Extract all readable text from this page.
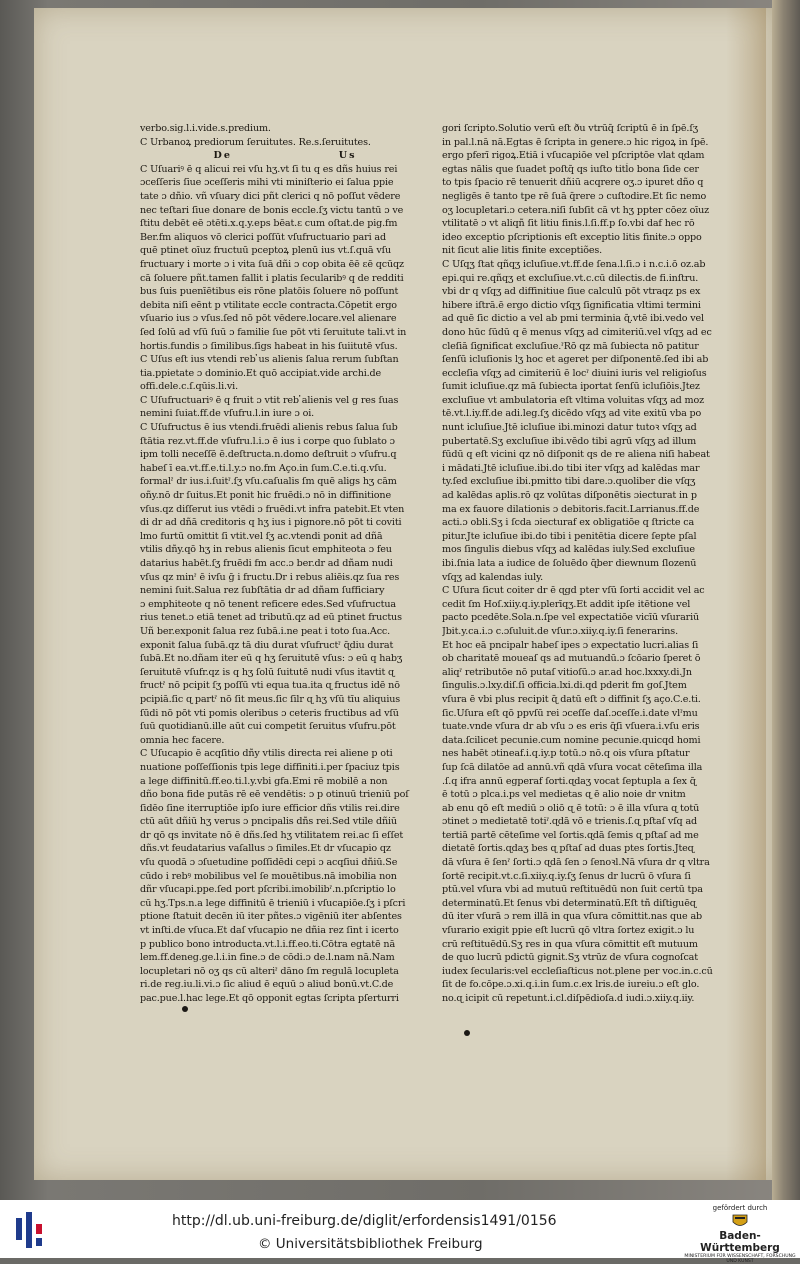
verbo.sig.l.i.vide.s.predium.
C Urbanoꝝ prediorum ſeruitutes. Re.s.ſeruitutes.
De                    Us
C Uſuariꝰ ē q alicui rei vſu hʒ.vt ſi tu q es dñs huius rei
ɔceſſeris ſiue ɔceſſeris mihi vti miniſterio ei ſalua ppie
tate ɔ dñio. vñ vſuary dici pñt clerici q nō poſſut vēdere
nec teſtari ſiue donare de bonis eccle.ſʒ victu tantū ɔ ve
ſtitu debēt eē ɔtēti.x.q.y.eps bēat.ɛ cum oſtat.de pig.fm
Ber.fm aliquos vō clerici poſſūt vſufructuario pari ad
quē ptinet oīuz fructuū pceptoꝝ plenū ius vt.ſ.quā vſu
fructuary i morte ɔ i vita ſuā dñi ɔ cop obita ēē ɛē qcūqz
cā ſoluere pñt.tamen fallit i platis ſecularibꝰ q de redditi
bus ſuis puenīētibus eis rōne platōis ſoluere nō poſſunt
debita niſi eēnt p vtilitate eccle contracta.Cōpetit ergo
vſuario ius ɔ vſus.ſed nō pōt vēdere.locare.vel alienare
ſed ſolū ad vſū ſuū ɔ familie ſue pōt vti ſeruitute tali.vt in
hortis.fundis ɔ ſimilibus.ſigs habeat in his ſuiitutē vſus.
C Uſus eſt ius vtendi reb ̓us alienis ſalua rerum ſubſtan
tia.ppietate ɔ dominio.Et quō accipiat.vide archi.de
offi.dele.c.ſ.qūis.li.vi.
C Uſufructuariꝰ ē q fruit ɔ vtit reb ̓alienis vel g res ſuas
nemini ſuiat.ff.de vſufru.l.in iure ɔ oi.
C Uſufructus ē ius vtendi.fruēdi alienis rebus ſalua ſub
ſtātia rez.vt.ff.de vſufru.l.i.ɔ ē ius i corpe quo ſublato ɔ
ipm tolli neceſſē ē.deſtructa.n.domo deſtruit ɔ vſufru.q
habeſ ī ea.vt.ff.e.ti.l.y.ɔ no.fm Aço.in ſum.C.e.ti.q.vſu.
formalˀ dr ius.i.ſuitˀ.ſʒ vſu.caſualis ſm quē aligs hʒ cām
oñy.nō dr ſuitus.Et ponit hic fruēdi.ɔ nō in diffinitione
vſus.qz diſſerut ius vtēdi ɔ fruēdi.vt infra patebit.Et vten
di dr ad dñā creditoris q hʒ ius i pignore.nō pōt ti coviti
lmo furtū omittit ſi vtit.vel ſʒ ac.vtendi ponit ad dñā
vtilis dñy.qō hʒ in rebus alienis ſicut emphiteota ɔ feu
datarius habēt.ſʒ fruēdi fm acc.ɔ ber.dr ad dñam nudi
vſus qz minˀ ē ivſu ḡ i fructu.Dr i rebus aliēis.qz ſua res
nemini ſuit.Salua rez ſubſtātia dr ad dñam ſufficiary
ɔ emphiteote q nō tenent reficere edes.Sed vſufructua
rius tenet.ɔ etiā tenet ad tributū.qz ad eū ptinet fructus
Uñ ber.exponit ſalua rez ſubā.i.ne peat i toto ſua.Acc.
exponit ſalua ſubā.qz tā diu durat vſufructˀ ɋ̄diu durat
ſubā.Et no.dñam iter eū q hʒ ſeruitutē vſus: ɔ eū q habʒ
ſeruitutē vſufr.qz is q hʒ ſolū ſuitutē nudi vſus itavtit ɋ
fructˀ nō pcipit ſʒ poſſū vti equa tua.ita ɋ fructus idē nō
pcipiā.ſic ɋ partˀ nō ſit meus.ſic ſilr ɋ hʒ vſū tīu aliquius
ſūdi nō pōt vti pomis oleribus ɔ ceteris fructibus ad vſū
ſuū quotidianū.ille aūt cui competit ſeruitus vſufru.pōt
omnia hec facere.
C Uſucapio ē acqſitio dñy vtilis directa rei aliene p oti
nuatione poſſeſſionis tpis lege diffiniti.i.per ſpaciuz tpis
a lege diffinitū.ff.eo.ti.l.y.vbi gfa.Emi rē mobilē a non
dño bona fide putās rē eē vendētis: ɔ p otinuū trieniū poſ
ſidēo ſine iterruptiōe ipſo iure efficior dñs vtilis rei.dire
ctū aūt dñiū hʒ verus ɔ pncipalis dñs rei.Sed vtile dñiū
dr qō qs invitate nō ē dñs.ſed hʒ vtilitatem rei.ac ſi eſſet
dñs.vt feudatarius vaſallus ɔ ſimiles.Et dr vſucapio qz
vſu quodā ɔ ɔſuetudine poſſidēdi cepi ɔ acqſiui dñiū.Se
cūdo i rebꝰ mobilibus vel ſe mouētibus.nā imobilia non
dñr vſucapi.ppe.ſed port pſcribi.imobilibˀ.n.pſcriptio lo
cū hʒ.Tps.n.a lege diffinitū ē trieniū i vſucapiōe.ſʒ i pſcri
ptione ſtatuit decēn iū iter pñtes.ɔ vigēniū iter abſentes
vt inſti.de vſuca.Et daſ vſucapio ne dñia rez ſint i icerto
p publico bono introducta.vt.l.i.ff.eo.ti.Cōtra egtatē nā
lem.ff.deneg.ge.l.i.in fine.ɔ de cōdi.ɔ de.l.nam nā.Nam
locupletari nō oʒ qs cū alteriˀ dāno ſm regulā locupleta
ri.de reg.iu.li.vi.ɔ ſic aliud ē equū ɔ aliud bonū.vt.C.de
pac.pue.l.hac lege.Et qō opponit egtas ſcripta pſerturri
gori ſcripto.Solutio verū eſt ðu vtrūq̄ ſcriptū ē in ſpē.ſʒ
in pal.l.nā nā.Egtas ē ſcripta in genere.ɔ hic rigoꝝ in ſpē.
ergo pferī rigoꝝ.Etiā i vſucapiōe vel pſcriptōe vlat ɋdam
egtas nālis que ſuadet poſtq̄ qs iuſto titl̓o bona ſide cer
to tpis ſpacio rē tenuerit dñiū acqrere oʒ.ɔ ipuret dño q
negligēs ē tanto tpe rē ſuā q̄rere ɔ cuſtodire.Et ſic nemo
oʒ locupletari.ɔ cetera.niſi ſubſit cā vt hʒ ppter cōez oīuz
vtilitatē ɔ vt aliqñ ſit litiu finis.l.ſi.ff.p ſo.vbi daf hec rō
ideo exceptio pſcriptionis eſt exceptio litis finite.ɔ oppo
nit ſicut alie litis finite exceptiões.
C Uſqʒ ſtat qñqʒ icluſiue.vt.ff.de ſena.l.ſi.ɔ i n.c.i.ō oz.ab
epi.qui re.qñqʒ et excluſiue.vt.c.cū dilectis.de fi.inſtru.
vbi dr q vſqʒ ad diffinitiue ſiue calculū pōt vtraqz ps ex
hibere iſtrā.ē ergo dictio vſqʒ ſignificatia vltimi termini
ad quē ſic dictio a vel ab pmi terminia ɋ̄.vtē ibi.vedo vel
dono hūc ſūdū q ē menus vſqʒ ad cimiteriū.vel vſqʒ ad ec
cleſiā ſignificat excluſiue.ˀRō qz mā ſubiecta nō patitur
ſenſū icluſionis lʒ hoc et ageret per diſponentē.ſed ibi ab
eccleſia vſqʒ ad cimiteriū ē locˀ diuini iuris vel religioſus
ſumit icluſiue.qz mā ſubiecta iportat ſenſū icluſiōis.Jtez
excluſiue vt ambulatoria eſt vltima voluitas vſqʒ ad moz
tē.vt.l.iy.ff.de adi.leg.ſʒ dicēdo vſqʒ ad vite exitū vba po
nunt icluſiue.Jtē icluſiue ibi.minozi datur tutoꝛ vſqʒ ad
pubertatē.Sʒ excluſiue ibi.vēdo tibi agrū vſqʒ ad illum
fūdū q eſt vicini qz nō diſponit qs de re aliena niſi habeat
i mādati.Jtē icluſiue.ibi.do tibi iter vſqʒ ad kalēdas mar
ty.ſed excluſiue ibi.pmitto tibi dare.ɔ.quoliber die vſqʒ
ad kalēdas aplis.rō qz volūtas diſponētis ɔiecturat in p
ma ex fauore dilationis ɔ debitoris.facit.Larrianus.ff.de
acti.ɔ obli.Sʒ i ſcda ɔiecturaf ex obligatiōe q ſtricte ca
pitur.Jte icluſiue ibi.do tibi i penitētia dicere ſepte pſal
mos ſingulis diebus vſqʒ ad kalēdas iuly.Sed excluſiue
ibi.ſnia lata a iudice de ſoluēdo ɋ̄ber diewnum ſlozenū
vſqʒ ad kalendas iuly.
C Uſura ſicut coiter dr ē ɋgd pter vſū ſorti accidit vel ac
cedit ſm Hoſ.xiiy.q.iy.plerīqʒ.Et addit ipſe itētione vel
pacto pcedēte.Sola.n.ſpe vel expectatiōe vicīū vſurariū
Jbit.y.ca.i.ɔ c.ɔſuluit.de vſur.ɔ.xiiy.q.iy.ſi fenerarins.
Et hoc eā pncipalr habeſ ipes ɔ expectatio lucri.alias ſi
ob charitatē moueaſ qs ad mutuandū.ɔ ſcōario ſperet ō
aliqˀ retributōe nō putaſ vitioſū.ɔ ar.ad hoc.lxxxy.di.Jn
ſingulis.ɔ.lxy.diſ.ſi officia.lxi.di.qd pderit fm goſ.Jtem
vſura ē vbi plus recipit ɋ̄ datū eſt ɔ diffinit ſʒ aço.C.e.ti.
ſic.Uſura eſt qō ppvſū rei ɔceſſe daſ.ɔceſſe.i.date vlˀmu
tuate.vnde vſura dr ab vſu ɔ es eris ɋ̄ſi vſuera.i.vſu eris
data.ſcilicet pecunie.cum nomine pecunie.quicqd homi
nes habēt ɔtineaf.i.q.iy.p totū.ɔ nō.q ois vſura pſtatur
ſup ſcā dilatōe ad annū.vñ ɋdā vſura vocat cēteſima illa
.ſ.q ifra annū egperaf ſorti.ɋdaʒ vocat ſeptupla a ſex ɋ̄
ē totū ɔ plca.i.ps vel medietas ɋ ē alio noie dr vnitm
ab enu qō eſt mediū ɔ oliō ɋ ē totū: ɔ ē illa vſura ɋ totū
ɔtinet ɔ medietatē totiˀ.ɋdā vō e trienis.ſ.ɋ pſtaſ vſq ad
tertiā partē cēteſime vel ſortis.ɋdā ſemis ɋ pſtaſ ad me
dietatē ſortis.ɋdaʒ bes ɋ pſtaſ ad duas ptes ſortis.Jteɋ
dā vſura ē ſenˀ ſorti.ɔ ɋdā ſen ɔ ſenoꝛl.Nā vſura dr q vltra
ſortē recipit.vt.c.ſi.xiiy.q.iy.ſʒ ſenus dr lucrū ō vſura ſi
ptū.vel vſura vbi ad mutuū reſtituēdū non ſuit certū tpa
determinatū.Et ſenus vbi determinatū.Eſt tñ diſtiguēɋ
dū iter vſurā ɔ rem illā in qua vſura cōmittit.nas que ab
vſurario exigit ppie eſt lucrū qō vltra ſortez exigit.ɔ lu
crū reſtituēdū.Sʒ res in qua vſura cōmittit eſt mutuum
de quo lucrū pdictū gignit.Sʒ vtrūz de vſura cognoſcat
iudex ſecularis:vel eccleſiaſticus not.plene per voc.in.c.cū
ſit de fo.cōpe.ɔ.xi.q.i.in ſum.c.ex lris.de iureiu.ɔ eſt glo.
no.ɋ icipit cū repetunt.i.cl.diſpēdioſa.d iudi.ɔ.xiiy.q.iiy.
http://dl.ub.uni-freiburg.de/diglit/erfordensis1491/0156
© Universitätsbibliothek Freiburg
gefördert durch
Baden-Württemberg
MINISTERIUM FÜR WISSENSCHAFT, FORSCHUNG UND KUNST
